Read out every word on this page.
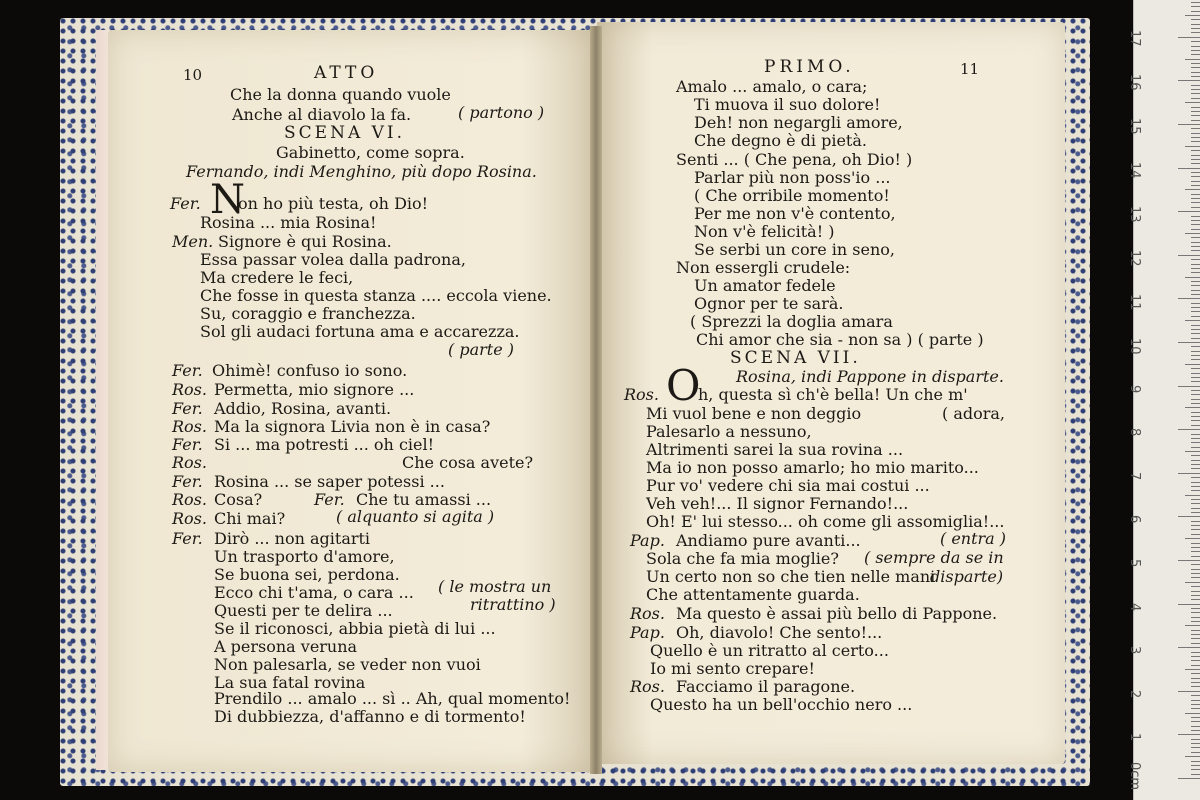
10	ATTO
Che la donna quando vuole
Anche al diavolo la fa.	( partono )
SCENA VI.
Gabinetto, come sopra.
Fernando, indi Menghino, più dopo Rosina.
Fer. N
on ho più testa, oh Dio!
Rosina ... mia Rosina!
Men. Signore è qui Rosina.
Essa passar volea dalla padrona,
Ma credere le feci,
Che fosse in questa stanza .... eccola viene.
Su, coraggio e franchezza.
Sol gli audaci fortuna ama e accarezza.
( parte )
Fer. Ohimè! confuso io sono.
Ros. Permetta, mio signore ...
Fer. Addio, Rosina, avanti.
Ros. Ma la signora Livia non è in casa?
Fer. Si ... ma potresti ... oh ciel!
Ros.	Che cosa avete?
Fer. Rosina ... se saper potessi ...
Ros. Cosa?	Fer. Che tu amassi ...
Ros. Chi mai?	( alquanto si agita )
Fer. Dirò ... non agitarti
Un trasporto d'amore,
Se buona sei, perdona.
Ecco chi t'ama, o cara ... ( le mostra un
Questi per te delira ...	ritrattino )
Se il riconosci, abbia pietà di lui ...
A persona veruna
Non palesarla, se veder non vuoi
La sua fatal rovina
Prendilo ... amalo ... sì .. Ah, qual momento!
Di dubbiezza, d'affanno e di tormento!
PRIMO.	11
Amalo ... amalo, o cara;
Ti muova il suo dolore!
Deh! non negargli amore,
Che degno è di pietà.
Senti ... ( Che pena, oh Dio! )
Parlar più non poss'io ...
( Che orribile momento!
Per me non v'è contento,
Non v'è felicità! )
Se serbi un core in seno,
Non essergli crudele:
Un amator fedele
Ognor per te sarà.
( Sprezzi la doglia amara
Chi amor che sia - non sa ) ( parte )
SCENA VII.
O Rosina, indi Pappone in disparte.
Ros. h, questa sì ch'è bella! Un che m'
Mi vuol bene e non deggio	( adora,
Palesarlo a nessuno,
Altrimenti sarei la sua rovina ...
Ma io non posso amarlo; ho mio marito...
Pur vo' vedere chi sia mai costui ...
Veh veh!... Il signor Fernando!...
Oh! E' lui stesso... oh come gli assomiglia!...
Pap. Andiamo pure avanti...	( entra )
Sola che fa mia moglie? ( sempre da se in
Un certo non so che tien nelle mani
disparte)
Che attentamente guarda.
Ros. Ma questo è assai più bello di Pappone.
Pap. Oh, diavolo! Che sento!...
Quello è un ritratto al certo...
Io mi sento crepare!
Ros. Facciamo il paragone.
Questo ha un bell'occhio nero ...
0cm
1
2
3
4
5
6
7
8
9
10
11
12
13
14
15
16
17
